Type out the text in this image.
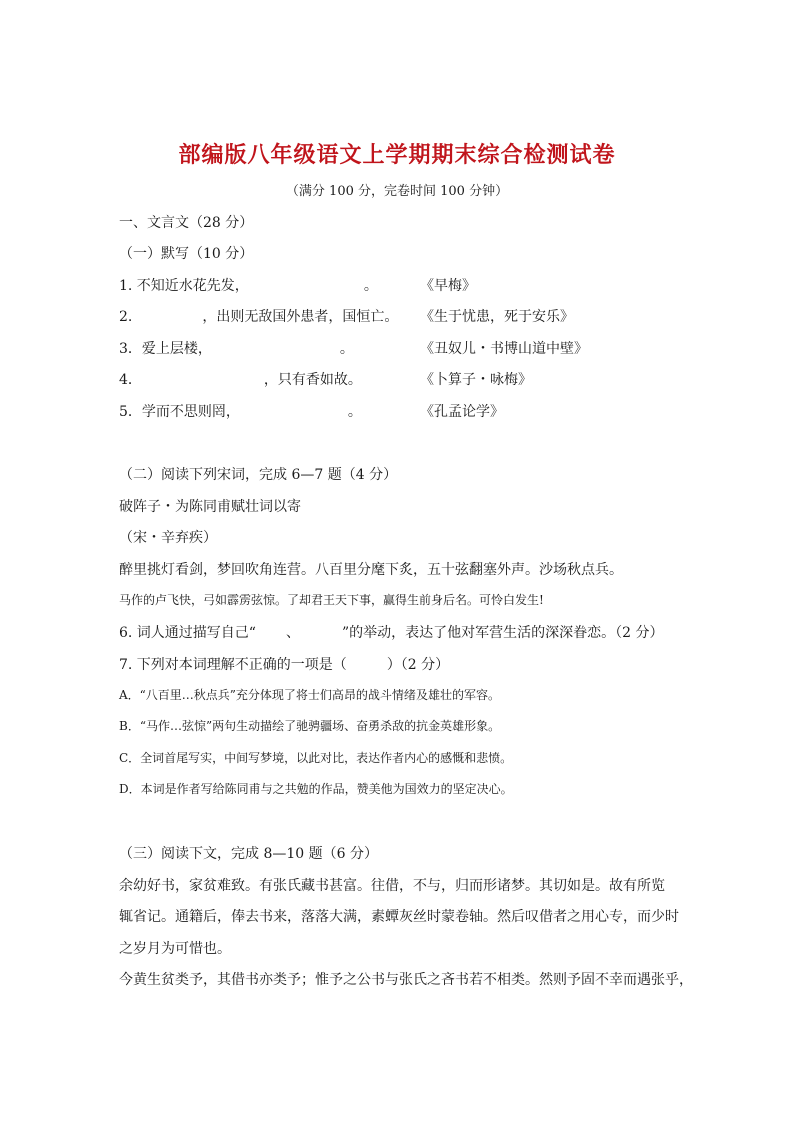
部编版八年级语文上学期期末综合检测试卷
（满分 100 分，完卷时间 100 分钟）
一、文言文（28 分）
（一）默写（10 分）
1. 不知近水花先发，	。	《早梅》
2.	，出则无敌国外患者，国恒亡。 《生于忧患，死于安乐》
3．爱上层楼，	。	《丑奴儿・书博山道中壁》
4．	，只有香如故。	《卜算子・咏梅》
5．学而不思则罔，	。	《孔孟论学》
（二）阅读下列宋词，完成 6—7 题（4 分）
破阵子・为陈同甫赋壮词以寄
（宋・辛弃疾）
醉里挑灯看剑，梦回吹角连营。八百里分麾下炙，五十弦翻塞外声。沙场秋点兵。
马作的卢飞快，弓如霹雳弦惊。了却君王天下事，赢得生前身后名。可怜白发生!
6. 词人通过描写自己“ 、	”的举动，表达了他对军营生活的深深眷恋。（2 分）
7. 下列对本词理解不正确的一项是（	）（2 分）
A．“八百里…秋点兵”充分体现了将士们高昂的战斗情绪及雄壮的军容。
B．“马作…弦惊”两句生动描绘了驰骋疆场、奋勇杀敌的抗金英雄形象。
C．全词首尾写实，中间写梦境，以此对比，表达作者内心的感慨和悲愤。
D．本词是作者写给陈同甫与之共勉的作品，赞美他为国效力的坚定决心。
（三）阅读下文，完成 8—10 题（6 分）
余幼好书，家贫难致。有张氏藏书甚富。往借，不与，归而形诸梦。其切如是。故有所览
辄省记。通籍后，俸去书来，落落大满，素蟫灰丝时蒙卷轴。然后叹借者之用心专，而少时
之岁月为可惜也。
今黄生贫类予，其借书亦类予；惟予之公书与张氏之吝书若不相类。然则予固不幸而遇张乎，
